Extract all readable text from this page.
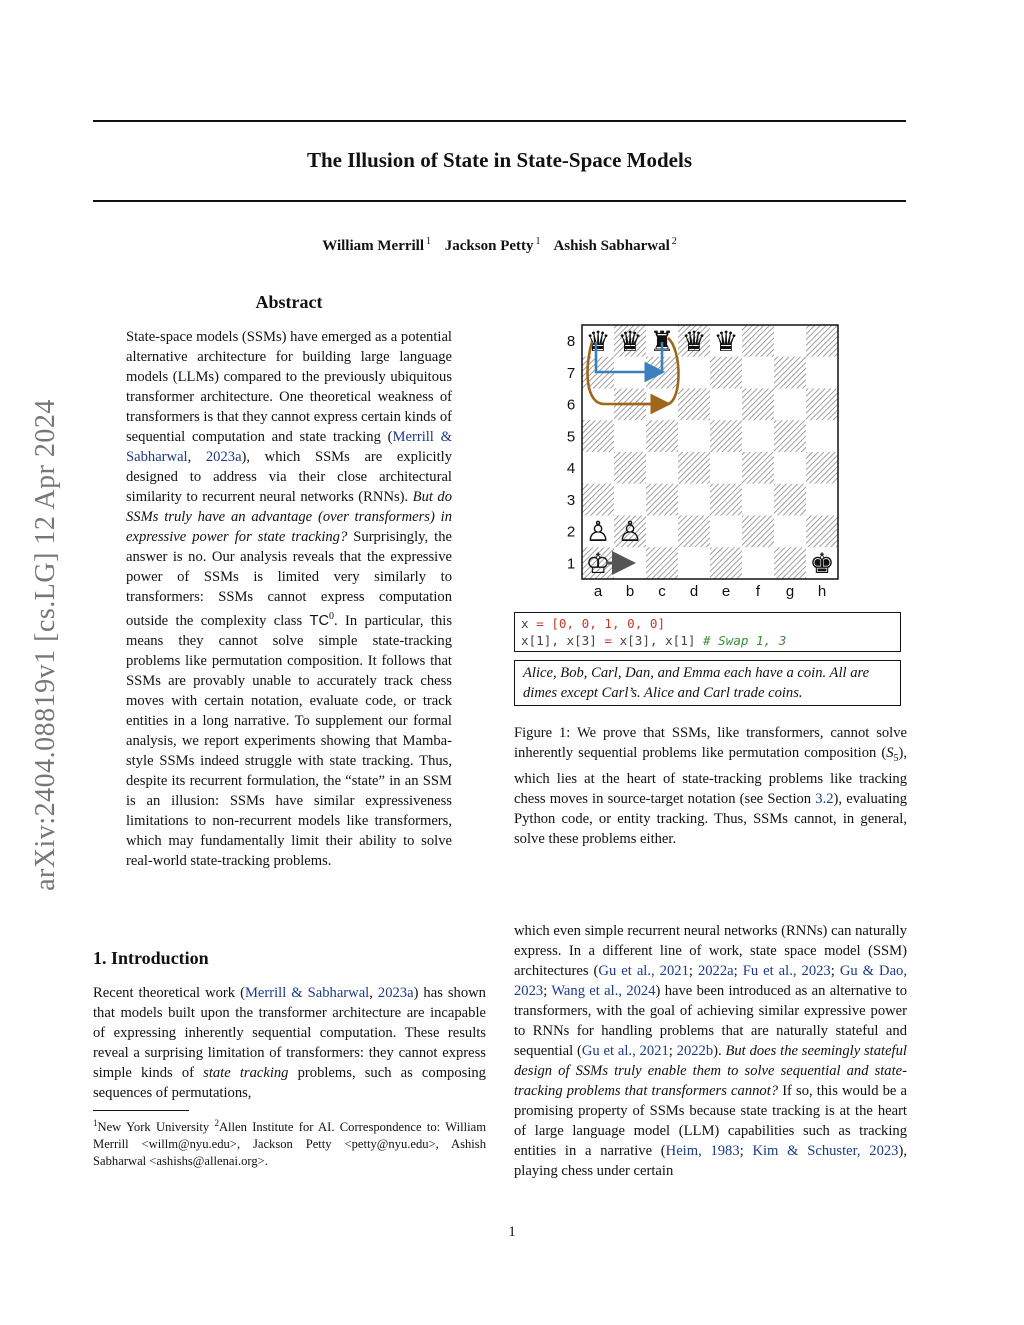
arXiv:2404.08819v1 [cs.LG] 12 Apr 2024
The Illusion of State in State-Space Models
William Merrill $^1$ Jackson Petty $^1$ Ashish Sabharwal $^2$
Abstract
State-space models (SSMs) have emerged as a potential alternative architecture for building large language models (LLMs) compared to the previously ubiquitous transformer architecture. One theoretical weakness of transformers is that they cannot express certain kinds of sequential computation and state tracking (Merrill & Sabharwal, 2023a), which SSMs are explicitly designed to address via their close architectural similarity to recurrent neural networks (RNNs). But do SSMs truly have an advantage (over transformers) in expressive power for state tracking? Surprisingly, the answer is no. Our analysis reveals that the expressive power of SSMs is limited very similarly to transformers: SSMs cannot express computation outside the complexity class $TC^0$. In particular, this means they cannot solve simple state-tracking problems like permutation composition. It follows that SSMs are provably unable to accurately track chess moves with certain notation, evaluate code, or track entities in a long narrative. To supplement our formal analysis, we report experiments showing that Mamba-style SSMs indeed struggle with state tracking. Thus, despite its recurrent formulation, the “state” in an SSM is an illusion: SSMs have similar expressiveness limitations to non-recurrent models like transformers, which may fundamentally limit their ability to solve real-world state-tracking problems.
8
7
6
5
4
3
2
1
a b c d e f g h
♛ ♛ ♜ ♛ ♛
♙ ♙
♔	♚
x = [0, 0, 1, 0, 0]
x[1], x[3] = x[3], x[1] # Swap 1, 3
Alice, Bob, Carl, Dan, and Emma each have a coin. All are dimes except Carl’s. Alice and Carl trade coins.
Figure 1: We prove that SSMs, like transformers, cannot solve inherently sequential problems like permutation composition $(S_5)$, which lies at the heart of state-tracking problems like tracking chess moves in source-target notation (see Section 3.2), evaluating Python code, or entity tracking. Thus, SSMs cannot, in general, solve these problems either.
1. Introduction
Recent theoretical work (Merrill & Sabharwal, 2023a) has shown that models built upon the transformer architecture are incapable of expressing inherently sequential computation. These results reveal a surprising limitation of transformers: they cannot express simple kinds of state tracking problems, such as composing sequences of permutations,
$^1$New York University $^2$Allen Institute for AI. Correspondence to: William Merrill <willm@nyu.edu>, Jackson Petty <petty@nyu.edu>, Ashish Sabharwal <ashishs@allenai.org>.
which even simple recurrent neural networks (RNNs) can naturally express. In a different line of work, state space model (SSM) architectures (Gu et al., 2021; 2022a; Fu et al., 2023; Gu & Dao, 2023; Wang et al., 2024) have been introduced as an alternative to transformers, with the goal of achieving similar expressive power to RNNs for handling problems that are naturally stateful and sequential (Gu et al., 2021; 2022b). But does the seemingly stateful design of SSMs truly enable them to solve sequential and state-tracking problems that transformers cannot? If so, this would be a promising property of SSMs because state tracking is at the heart of large language model (LLM) capabilities such as tracking entities in a narrative (Heim, 1983; Kim & Schuster, 2023), playing chess under certain
1
